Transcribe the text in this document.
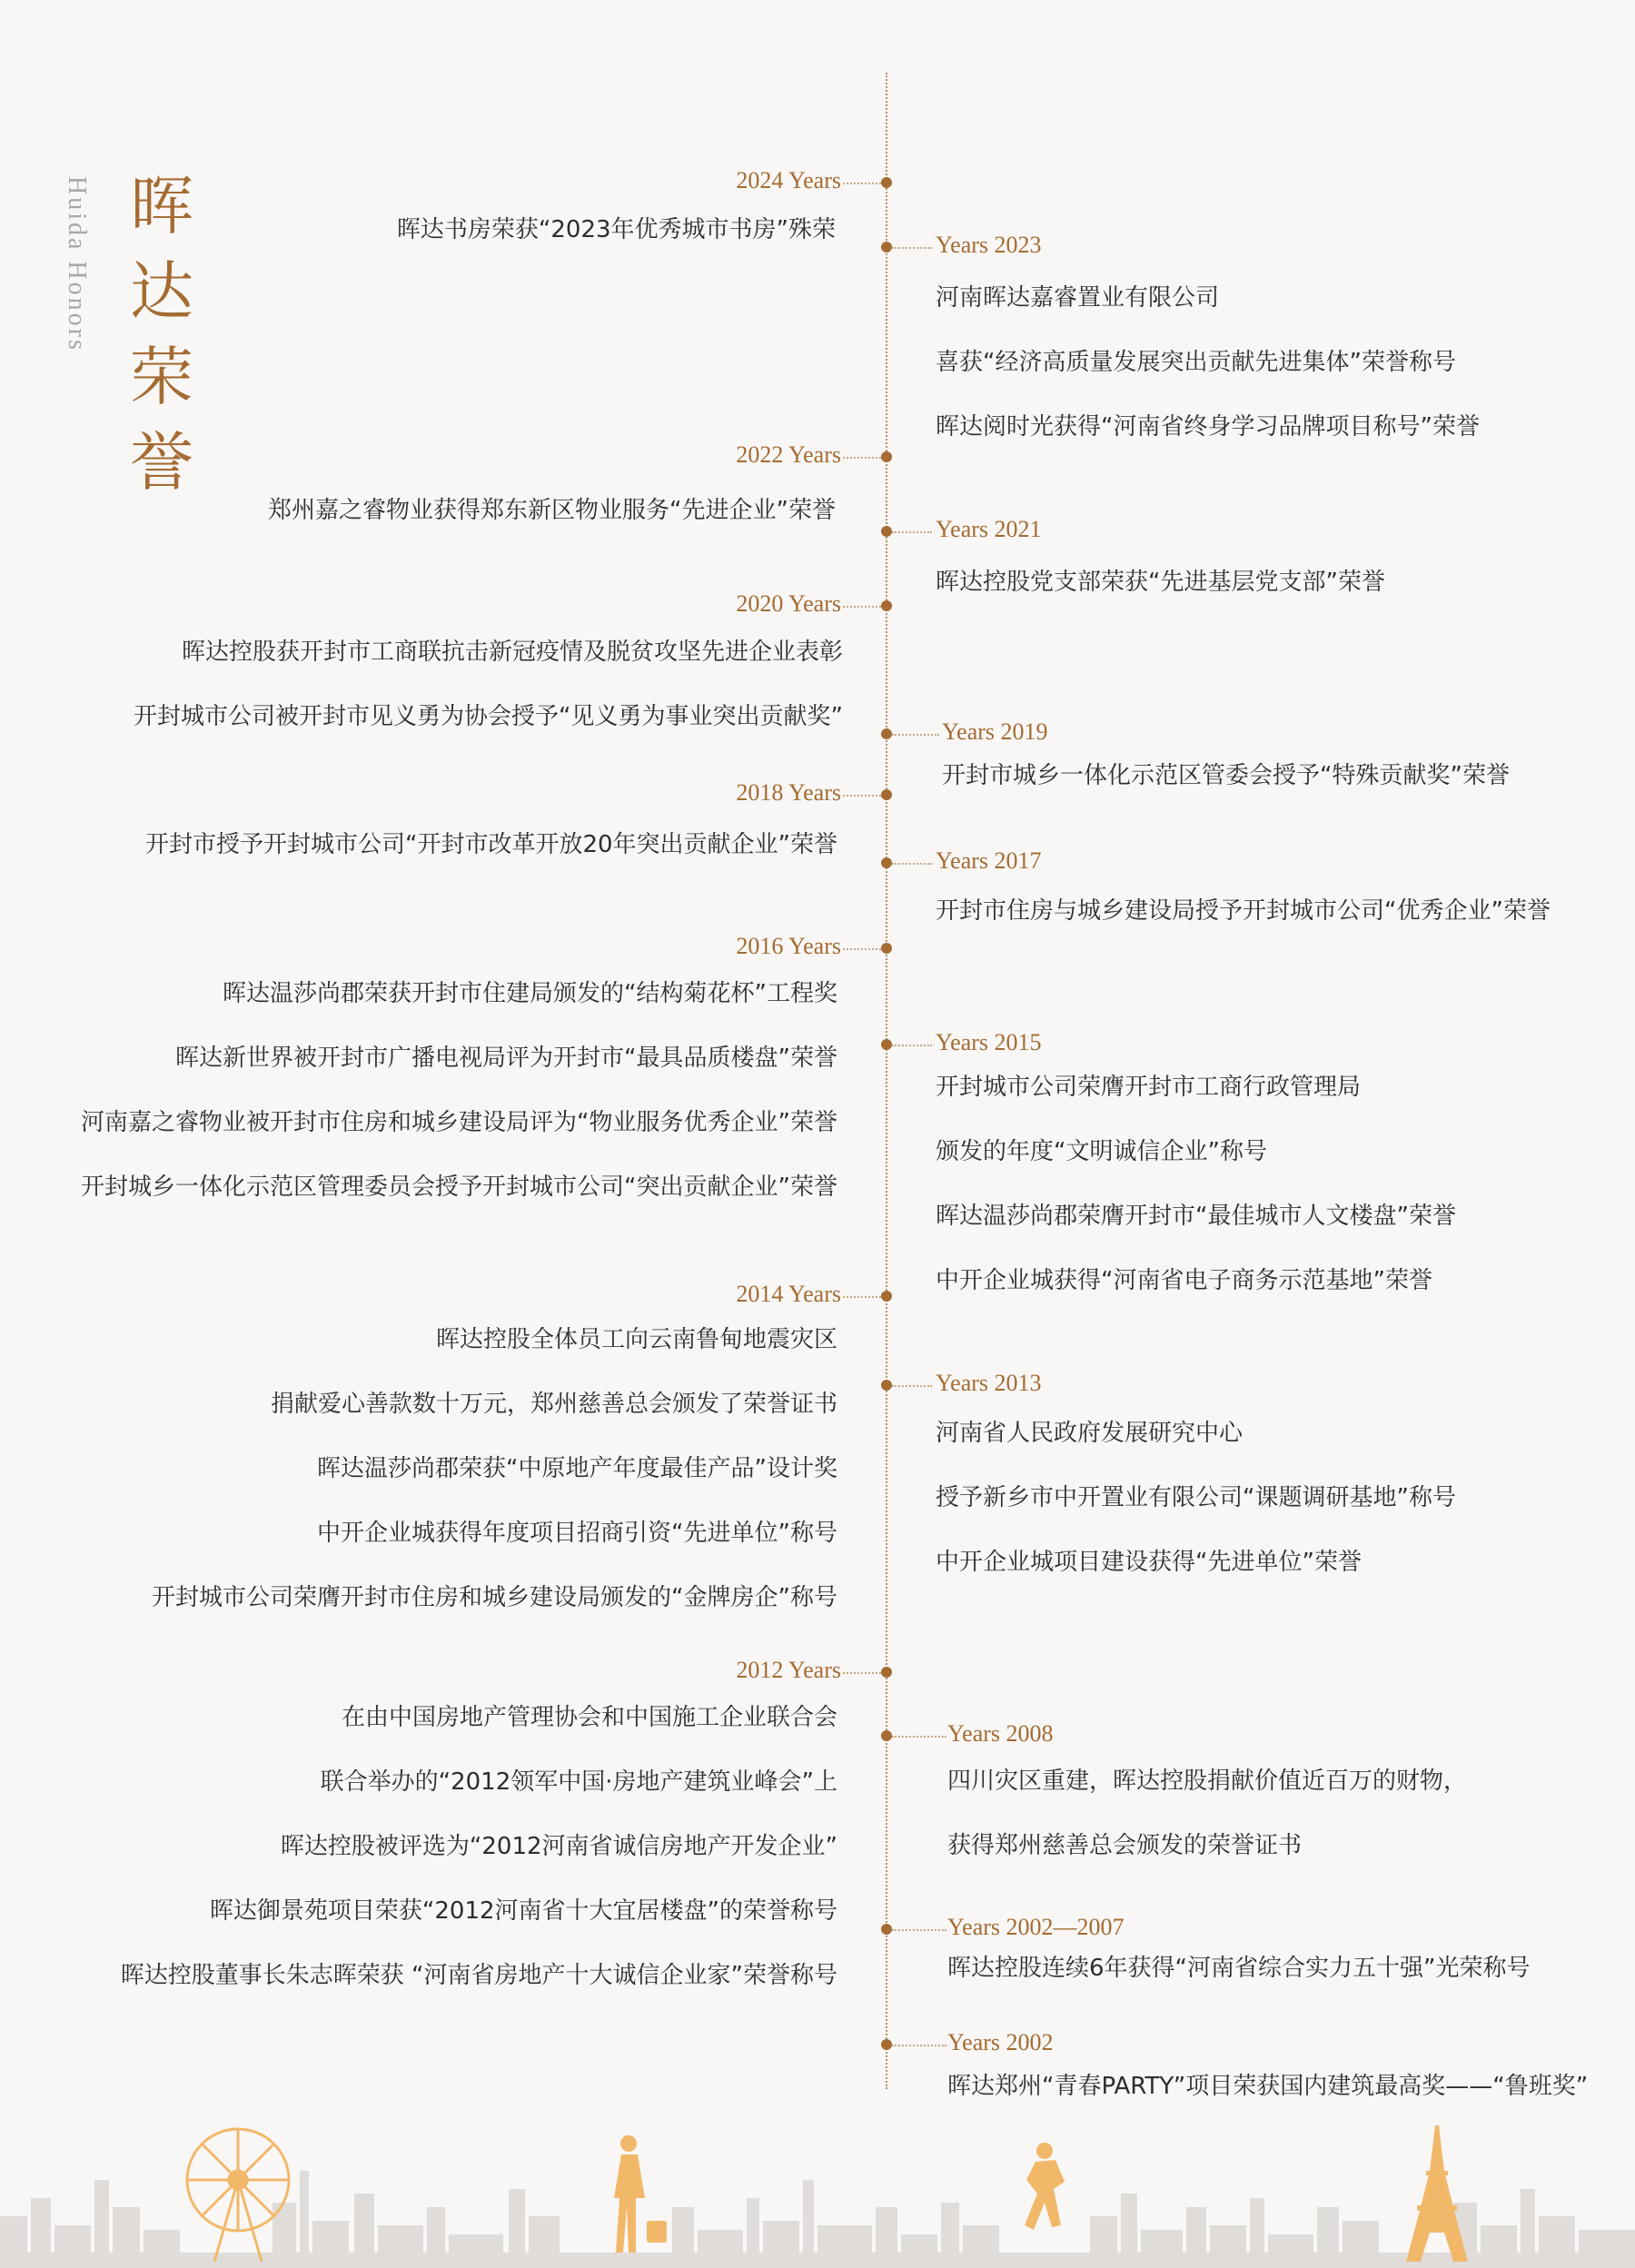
晖
达
荣
誉
Huida Honors	2024 Years
晖达书房荣获“2023年优秀城市书房”殊荣
2022 Years
郑州嘉之睿物业获得郑东新区物业服务“先进企业”荣誉
2020 Years
晖达控股获开封市工商联抗击新冠疫情及脱贫攻坚先进企业表彰
开封城市公司被开封市见义勇为协会授予“见义勇为事业突出贡献奖”
2018 Years
开封市授予开封城市公司“开封市改革开放20年突出贡献企业”荣誉
2016 Years
晖达温莎尚郡荣获开封市住建局颁发的“结构菊花杯”工程奖
晖达新世界被开封市广播电视局评为开封市“最具品质楼盘”荣誉
河南嘉之睿物业被开封市住房和城乡建设局评为“物业服务优秀企业”荣誉
开封城乡一体化示范区管理委员会授予开封城市公司“突出贡献企业”荣誉
2014 Years
晖达控股全体员工向云南鲁甸地震灾区
捐献爱心善款数十万元，郑州慈善总会颁发了荣誉证书
晖达温莎尚郡荣获“中原地产年度最佳产品”设计奖
中开企业城获得年度项目招商引资“先进单位”称号
开封城市公司荣膺开封市住房和城乡建设局颁发的“金牌房企”称号
2012 Years
在由中国房地产管理协会和中国施工企业联合会
联合举办的“2012领军中国·房地产建筑业峰会”上
晖达控股被评选为“2012河南省诚信房地产开发企业”
晖达御景苑项目荣获“2012河南省十大宜居楼盘”的荣誉称号
晖达控股董事长朱志晖荣获 “河南省房地产十大诚信企业家”荣誉称号
Years 2023
河南晖达嘉睿置业有限公司
喜获“经济高质量发展突出贡献先进集体”荣誉称号
晖达阅时光获得“河南省终身学习品牌项目称号”荣誉
Years 2021
晖达控股党支部荣获“先进基层党支部”荣誉
Years 2019
开封市城乡一体化示范区管委会授予“特殊贡献奖”荣誉
Years 2017
开封市住房与城乡建设局授予开封城市公司“优秀企业”荣誉
Years 2015
开封城市公司荣膺开封市工商行政管理局
颁发的年度“文明诚信企业”称号
晖达温莎尚郡荣膺开封市“最佳城市人文楼盘”荣誉
中开企业城获得“河南省电子商务示范基地”荣誉
Years 2013
河南省人民政府发展研究中心
授予新乡市中开置业有限公司“课题调研基地”称号
中开企业城项目建设获得“先进单位”荣誉
Years 2008
四川灾区重建，晖达控股捐献价值近百万的财物，
获得郑州慈善总会颁发的荣誉证书
Years 2002—2007
晖达控股连续6年获得“河南省综合实力五十强”光荣称号
Years 2002
晖达郑州“青春PARTY”项目荣获国内建筑最高奖——“鲁班奖”
